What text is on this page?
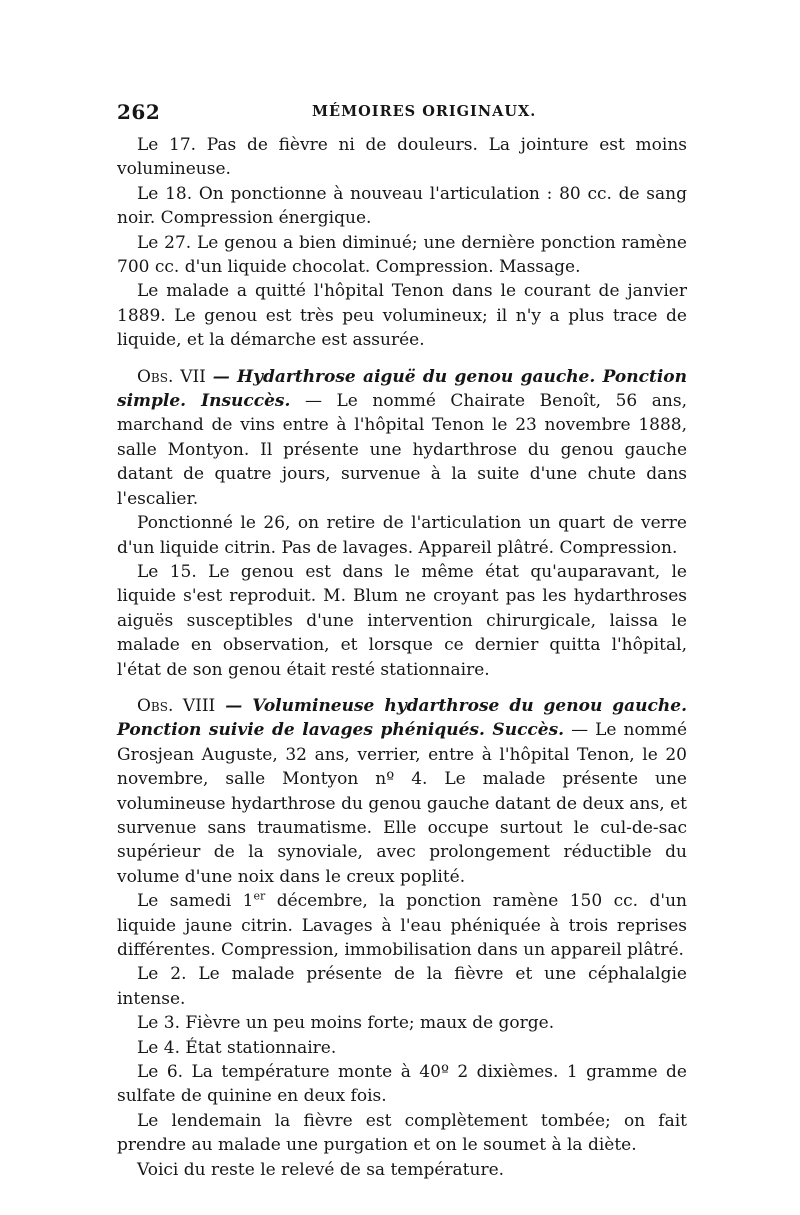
262	MÉMOIRES ORIGINAUX.

Le 17. Pas de fièvre ni de douleurs. La jointure est moins volumineuse.

Le 18. On ponctionne à nouveau l'articulation : 80 cc. de sang noir. Compression énergique.

Le 27. Le genou a bien diminué; une dernière ponction ramène 700 cc. d'un liquide chocolat. Compression. Massage.

Le malade a quitté l'hôpital Tenon dans le courant de janvier 1889. Le genou est très peu volumineux; il n'y a plus trace de liquide, et la démarche est assurée.

Obs. VII — Hydarthrose aiguë du genou gauche. Ponction simple. Insuccès. — Le nommé Chairate Benoît, 56 ans, marchand de vins entre à l'hôpital Tenon le 23 novembre 1888, salle Montyon. Il présente une hydarthrose du genou gauche datant de quatre jours, survenue à la suite d'une chute dans l'escalier.

Ponctionné le 26, on retire de l'articulation un quart de verre d'un liquide citrin. Pas de lavages. Appareil plâtré. Compression.

Le 15. Le genou est dans le même état qu'auparavant, le liquide s'est reproduit. M. Blum ne croyant pas les hydarthroses aiguës susceptibles d'une intervention chirurgicale, laissa le malade en observation, et lorsque ce dernier quitta l'hôpital, l'état de son genou était resté stationnaire.

Obs. VIII — Volumineuse hydarthrose du genou gauche. Ponction suivie de lavages phéniqués. Succès. — Le nommé Grosjean Auguste, 32 ans, verrier, entre à l'hôpital Tenon, le 20 novembre, salle Montyon nº 4. Le malade présente une volumineuse hydarthrose du genou gauche datant de deux ans, et survenue sans traumatisme. Elle occupe surtout le cul-de-sac supérieur de la synoviale, avec prolongement réductible du volume d'une noix dans le creux poplité.

Le samedi 1er décembre, la ponction ramène 150 cc. d'un liquide jaune citrin. Lavages à l'eau phéniquée à trois reprises différentes. Compression, immobilisation dans un appareil plâtré.

Le 2. Le malade présente de la fièvre et une céphalalgie intense.

Le 3. Fièvre un peu moins forte; maux de gorge.

Le 4. État stationnaire.

Le 6. La température monte à 40º 2 dixièmes. 1 gramme de sulfate de quinine en deux fois.

Le lendemain la fièvre est complètement tombée; on fait prendre au malade une purgation et on le soumet à la diète.

Voici du reste le relevé de sa température.
